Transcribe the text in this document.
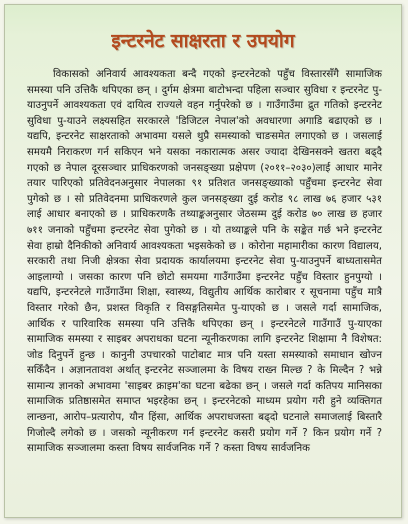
इन्टरनेट साक्षरता र उपयोग

विकासको अनिवार्य आवश्यकता बन्दै गएको इन्टरनेटको पहुँच विस्तारसँगै सामाजिक समस्या पनि उत्तिकै थपिएका छन् । दुर्गम क्षेत्रमा बाटोभन्दा पहिला सञ्चार सुविधा र इन्टरनेट पु-याउनुपर्ने आवश्यकता एवं दायित्व राज्यले वहन गर्नुपरेको छ । गाउँगाउँमा द्रुत गतिको इन्टरनेट सुविधा पु-याउने लक्ष्यसहित सरकारले 'डिजिटल नेपाल'को अवधारणा अगाडि बढाएको छ । यद्यपि, इन्टरनेट साक्षरताको अभावमा यसले थुप्रै समस्याको चाङसमेत लगाएको छ । जसलाई समयमै निराकरण गर्न सकिएन भने यसका नकारात्मक असर ज्यादा देखिनसक्ने खतरा बढ्दै गएको छ नेपाल दूरसञ्चार प्राधिकरणको जनसङ्ख्या प्रक्षेपण (२०११–२०३०)लाई आधार मानेर तयार पारिएको प्रतिवेदनअनुसार नेपालका ९१ प्रतिशत जनसङ्ख्याको पहुँचमा इन्टरनेट सेवा पुगेको छ । सो प्रतिवेदनमा प्राधिकरणले कुल जनसङ्ख्या दुई करोड ९८ लाख ७६ हजार ५३१ लाई आधार बनाएको छ । प्राधिकरणकै तथ्याङ्कअनुसार जेठसम्म दुई करोड ७० लाख छ हजार ७११ जनाको पहुँचमा इन्टरनेट सेवा पुगेको छ । यो तथ्याङ्कले पनि के सङ्केत गर्छ भने इन्टरनेट सेवा हाम्रो दैनिकीको अनिवार्य आवश्यकता भइसकेको छ । कोरोना महामारीका कारण विद्यालय, सरकारी तथा निजी क्षेत्रका सेवा प्रदायक कार्यालयमा इन्टरनेट सेवा पु-याउनुपर्ने बाध्यतासमेत आइलाग्यो । जसका कारण पनि छोटो समयमा गाउँगाउँमा इन्टरनेट पहुँच विस्तार हुनपुग्यो । यद्यपि, इन्टरनेटले गाउँगाउँमा शिक्षा, स्वास्थ्य, विद्युतीय आर्थिक कारोबार र सूचनामा पहुँच मात्रै विस्तार गरेको छैन, प्रशस्त विकृति र विसङ्गतिसमेत पु-याएको छ । जसले गर्दा सामाजिक, आर्थिक र पारिवारिक समस्या पनि उत्तिकै थपिएका छन् । इन्टरनेटले गाउँगाउँ पु-याएका सामाजिक समस्या र साइबर अपराधका घटना न्यूनीकरणका लागि इन्टरनेट शिक्षामा नै विशेषत: जोड दिनुपर्ने हुन्छ । कानुनी उपचारको पाटोबाट मात्र पनि यस्ता समस्याको समाधान खोज्न सकिँदैन । अज्ञानतावश अर्थात् इन्टरनेट सञ्जालमा के विषय राख्न मिल्छ ? के मिल्दैन ? भन्ने सामान्य ज्ञानको अभावमा 'साइबर क्राइम'का घटना बढेका छन् । जसले गर्दा कतिपय मानिसका सामाजिक प्रतिष्ठासमेत समाप्त भइरहेका छन् । इन्टरनेटको माध्यम प्रयोग गरी हुने व्यक्तिगत लान्छना, आरोप–प्रत्यारोप, यौन हिंसा, आर्थिक अपराधजस्ता बढ्दो घटनाले समाजलाई बिस्तारै गिजोल्दै लगेको छ । जसको न्यूनीकरण गर्न इन्टरनेट कसरी प्रयोग गर्ने ? किन प्रयोग गर्ने ? सामाजिक सञ्जालमा कस्ता विषय सार्वजनिक गर्ने ? कस्ता विषय सार्वजनिक
